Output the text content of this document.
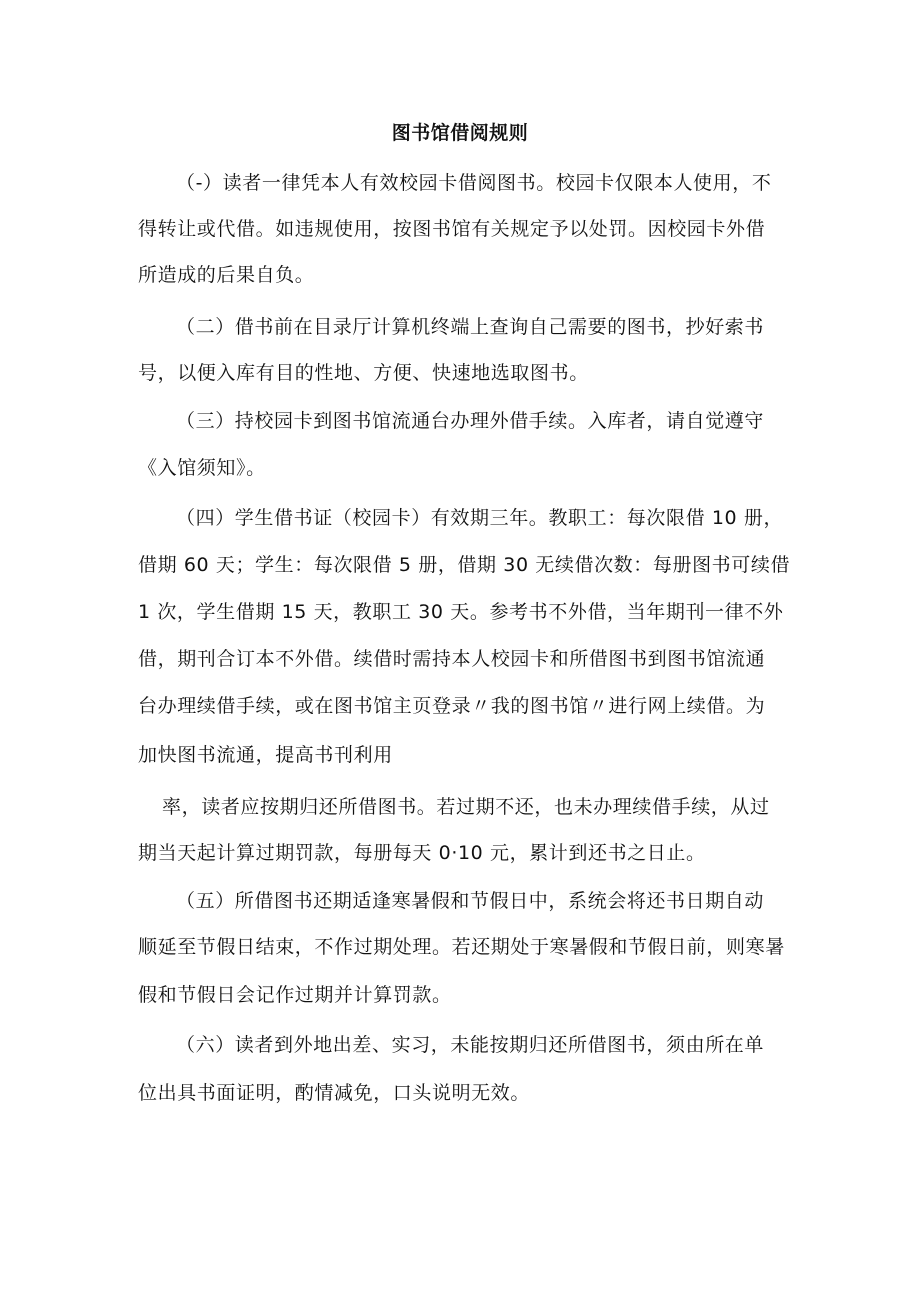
图书馆借阅规则
（-）读者一律凭本人有效校园卡借阅图书。校园卡仅限本人使用，不
得转让或代借。如违规使用，按图书馆有关规定予以处罚。因校园卡外借
所造成的后果自负。
（二）借书前在目录厅计算机终端上查询自己需要的图书，抄好索书
号，以便入库有目的性地、方便、快速地选取图书。
（三）持校园卡到图书馆流通台办理外借手续。入库者，请自觉遵守
《入馆须知》。
（四）学生借书证（校园卡）有效期三年。教职工：每次限借 10 册，
借期 60 天；学生：每次限借 5 册，借期 30 无续借次数：每册图书可续借
1 次，学生借期 15 天，教职工 30 天。参考书不外借，当年期刊一律不外
借，期刊合订本不外借。续借时需持本人校园卡和所借图书到图书馆流通
台办理续借手续，或在图书馆主页登录〃我的图书馆〃进行网上续借。为
加快图书流通，提高书刊利用
率，读者应按期归还所借图书。若过期不还，也未办理续借手续，从过
期当天起计算过期罚款，每册每天 0·10 元，累计到还书之日止。
（五）所借图书还期适逢寒暑假和节假日中，系统会将还书日期自动
顺延至节假日结束，不作过期处理。若还期处于寒暑假和节假日前，则寒暑
假和节假日会记作过期并计算罚款。
（六）读者到外地出差、实习，未能按期归还所借图书，须由所在单
位出具书面证明，酌情减免，口头说明无效。
